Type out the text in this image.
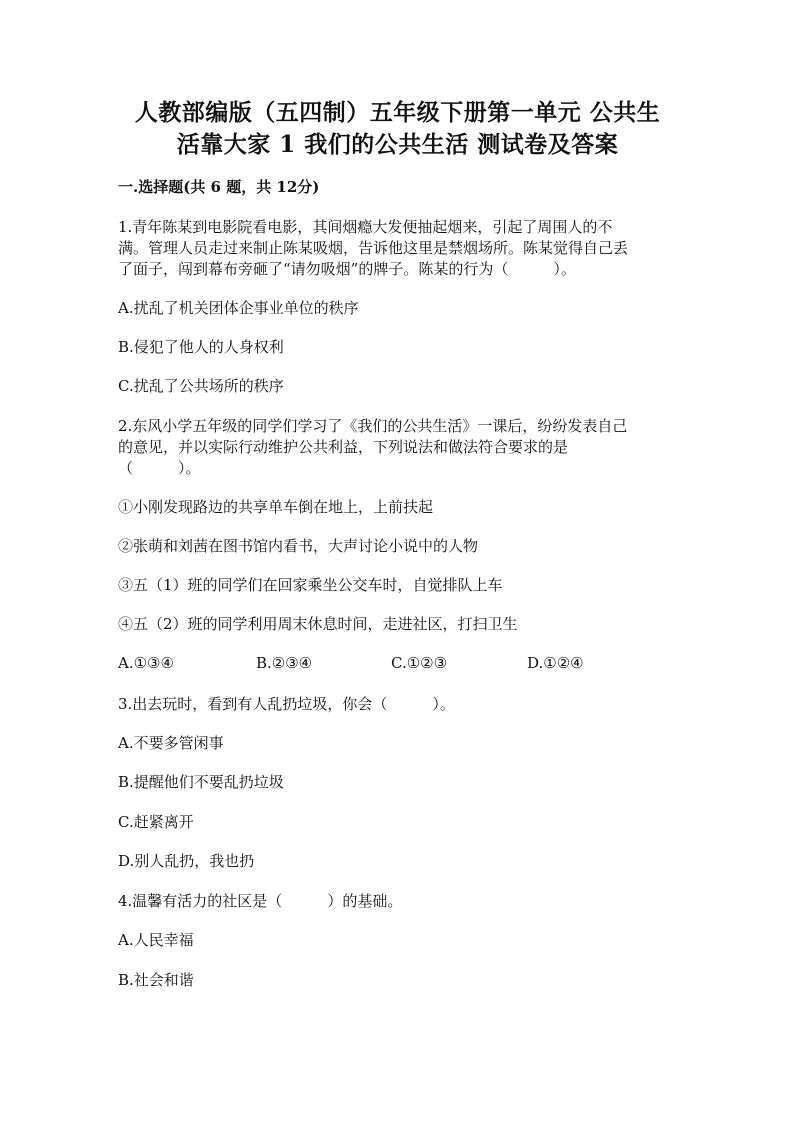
人教部编版（五四制）五年级下册第一单元 公共生
活靠大家 1 我们的公共生活 测试卷及答案
一.选择题(共 6 题，共 12分)
1.青年陈某到电影院看电影，其间烟瘾大发便抽起烟来，引起了周围人的不
满。管理人员走过来制止陈某吸烟，告诉他这里是禁烟场所。陈某觉得自己丢
了面子，闯到幕布旁砸了“请勿吸烟”的牌子。陈某的行为（　　　）。
A.扰乱了机关团体企事业单位的秩序
B.侵犯了他人的人身权利
C.扰乱了公共场所的秩序
2.东风小学五年级的同学们学习了《我们的公共生活》一课后，纷纷发表自己
的意见，并以实际行动维护公共利益，下列说法和做法符合要求的是
（　　　）。
①小刚发现路边的共享单车倒在地上，上前扶起
②张萌和刘茜在图书馆内看书，大声讨论小说中的人物
③五（1）班的同学们在回家乘坐公交车时，自觉排队上车
④五（2）班的同学利用周末休息时间，走进社区，打扫卫生
A.①③④	B.②③④	C.①②③	D.①②④
3.出去玩时，看到有人乱扔垃圾，你会（　　　）。
A.不要多管闲事
B.提醒他们不要乱扔垃圾
C.赶紧离开
D.别人乱扔，我也扔
4.温馨有活力的社区是（　　　）的基础。
A.人民幸福
B.社会和谐
